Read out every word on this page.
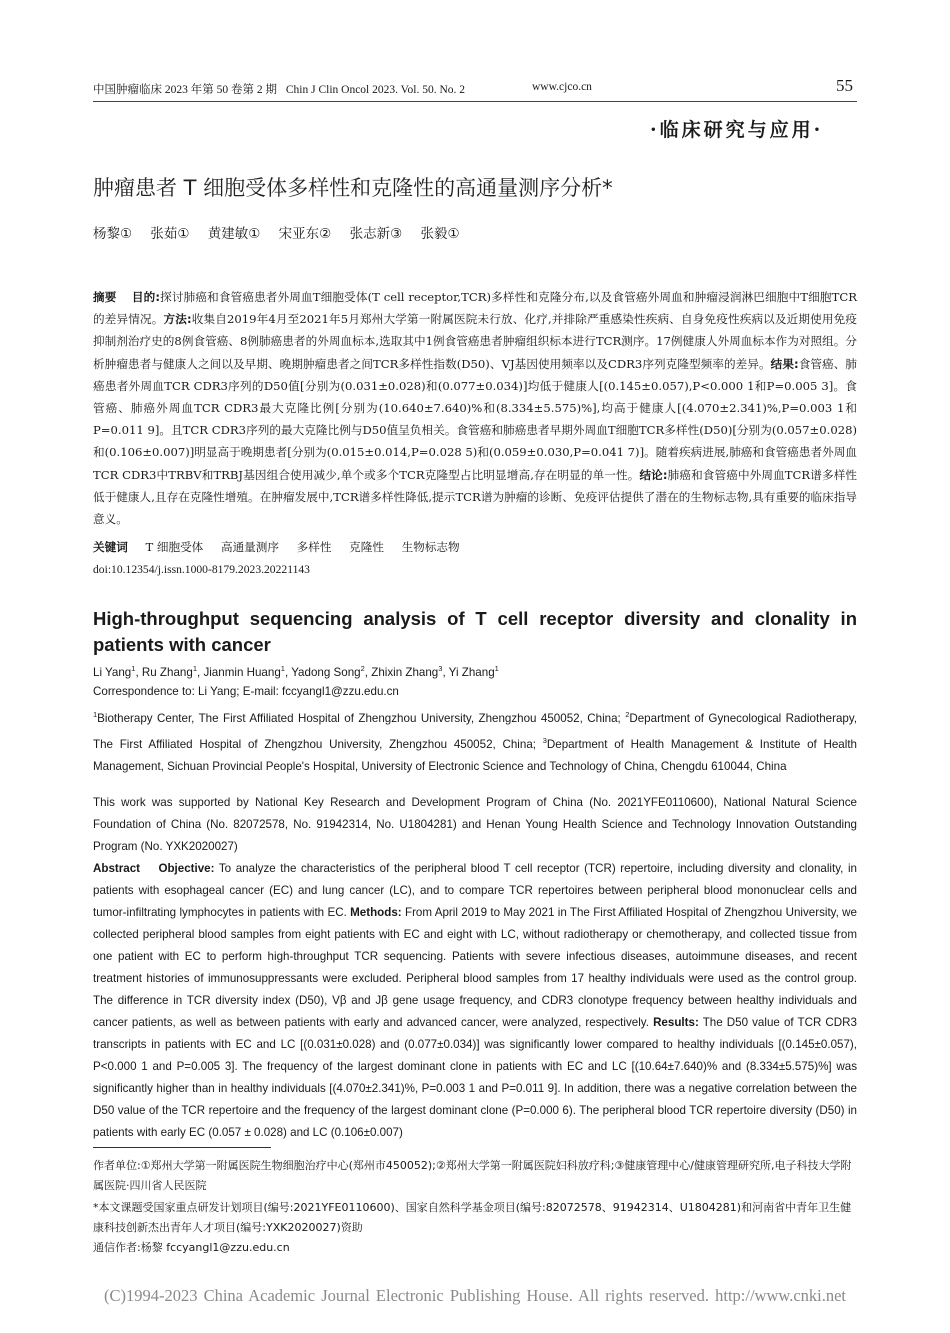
中国肿瘤临床 2023 年第 50 卷第 2 期 Chin J Clin Oncol 2023. Vol. 50. No. 2	www.cjco.cn	55
·临床研究与应用·
肿瘤患者 T 细胞受体多样性和克隆性的高通量测序分析*
杨黎① 张茹① 黄建敏① 宋亚东② 张志新③ 张毅①
摘要 目的:探讨肺癌和食管癌患者外周血T细胞受体(T cell receptor,TCR)多样性和克隆分布,以及食管癌外周血和肿瘤浸润淋巴细胞中T细胞TCR的差异情况。方法:收集自2019年4月至2021年5月郑州大学第一附属医院未行放、化疗,并排除严重感染性疾病、自身免疫性疾病以及近期使用免疫抑制剂治疗史的8例食管癌、8例肺癌患者的外周血标本,选取其中1例食管癌患者肿瘤组织标本进行TCR测序。17例健康人外周血标本作为对照组。分析肿瘤患者与健康人之间以及早期、晚期肿瘤患者之间TCR多样性指数(D50)、VJ基因使用频率以及CDR3序列克隆型频率的差异。结果:食管癌、肺癌患者外周血TCR CDR3序列的D50值[分别为(0.031±0.028)和(0.077±0.034)]均低于健康人[(0.145±0.057),P<0.000 1和P=0.005 3]。食管癌、肺癌外周血TCR CDR3最大克隆比例[分别为(10.640±7.640)%和(8.334±5.575)%],均高于健康人[(4.070±2.341)%,P=0.003 1和P=0.011 9]。且TCR CDR3序列的最大克隆比例与D50值呈负相关。食管癌和肺癌患者早期外周血T细胞TCR多样性(D50)[分别为(0.057±0.028)和(0.106±0.007)]明显高于晚期患者[分别为(0.015±0.014,P=0.028 5)和(0.059±0.030,P=0.041 7)]。随着疾病进展,肺癌和食管癌患者外周血TCR CDR3中TRBV和TRBJ基因组合使用减少,单个或多个TCR克隆型占比明显增高,存在明显的单一性。结论:肺癌和食管癌中外周血TCR谱多样性低于健康人,且存在克隆性增殖。在肿瘤发展中,TCR谱多样性降低,提示TCR谱为肿瘤的诊断、免疫评估提供了潜在的生物标志物,具有重要的临床指导意义。
关键词 T 细胞受体 高通量测序 多样性 克隆性 生物标志物
doi:10.12354/j.issn.1000-8179.2023.20221143
High-throughput sequencing analysis of T cell receptor diversity and clonality in patients with cancer
Li Yang$^1$, Ru Zhang$^1$, Jianmin Huang$^1$, Yadong Song$^2$, Zhixin Zhang$^3$, Yi Zhang$^1$
Correspondence to: Li Yang; E-mail: fccyangl1@zzu.edu.cn
$^1$Biotherapy Center, The First Affiliated Hospital of Zhengzhou University, Zhengzhou 450052, China; $^2$Department of Gynecological Radiotherapy, The First Affiliated Hospital of Zhengzhou University, Zhengzhou 450052, China; $^3$Department of Health Management & Institute of Health Management, Sichuan Provincial People's Hospital, University of Electronic Science and Technology of China, Chengdu 610044, China
This work was supported by National Key Research and Development Program of China (No. 2021YFE0110600), National Natural Science Foundation of China (No. 82072578, No. 91942314, No. U1804281) and Henan Young Health Science and Technology Innovation Outstanding Program (No. YXK2020027)
Abstract Objective: To analyze the characteristics of the peripheral blood T cell receptor (TCR) repertoire, including diversity and clonality, in patients with esophageal cancer (EC) and lung cancer (LC), and to compare TCR repertoires between peripheral blood mononuclear cells and tumor-infiltrating lymphocytes in patients with EC. Methods: From April 2019 to May 2021 in The First Affiliated Hospital of Zhengzhou University, we collected peripheral blood samples from eight patients with EC and eight with LC, without radiotherapy or chemotherapy, and collected tissue from one patient with EC to perform high-throughput TCR sequencing. Patients with severe infectious diseases, autoimmune diseases, and recent treatment histories of immunosuppressants were excluded. Peripheral blood samples from 17 healthy individuals were used as the control group. The difference in TCR diversity index (D50), Vβ and Jβ gene usage frequency, and CDR3 clonotype frequency between healthy individuals and cancer patients, as well as between patients with early and advanced cancer, were analyzed, respectively. Results: The D50 value of TCR CDR3 transcripts in patients with EC and LC [(0.031±0.028) and (0.077±0.034)] was significantly lower compared to healthy individuals [(0.145±0.057), P<0.000 1 and P=0.005 3]. The frequency of the largest dominant clone in patients with EC and LC [(10.64±7.640)% and (8.334±5.575)%] was significantly higher than in healthy individuals [(4.070±2.341)%, P=0.003 1 and P=0.011 9]. In addition, there was a negative correlation between the D50 value of the TCR repertoire and the frequency of the largest dominant clone (P=0.000 6). The peripheral blood TCR repertoire diversity (D50) in patients with early EC (0.057 ± 0.028) and LC (0.106±0.007)
作者单位:①郑州大学第一附属医院生物细胞治疗中心(郑州市450052);②郑州大学第一附属医院妇科放疗科;③健康管理中心/健康管理研究所,电子科技大学附属医院·四川省人民医院
*本文课题受国家重点研发计划项目(编号:2021YFE0110600)、国家自然科学基金项目(编号:82072578、91942314、U1804281)和河南省中青年卫生健康科技创新杰出青年人才项目(编号:YXK2020027)资助
通信作者:杨黎 fccyangl1@zzu.edu.cn
(C)1994-2023 China Academic Journal Electronic Publishing House. All rights reserved. http://www.cnki.net
